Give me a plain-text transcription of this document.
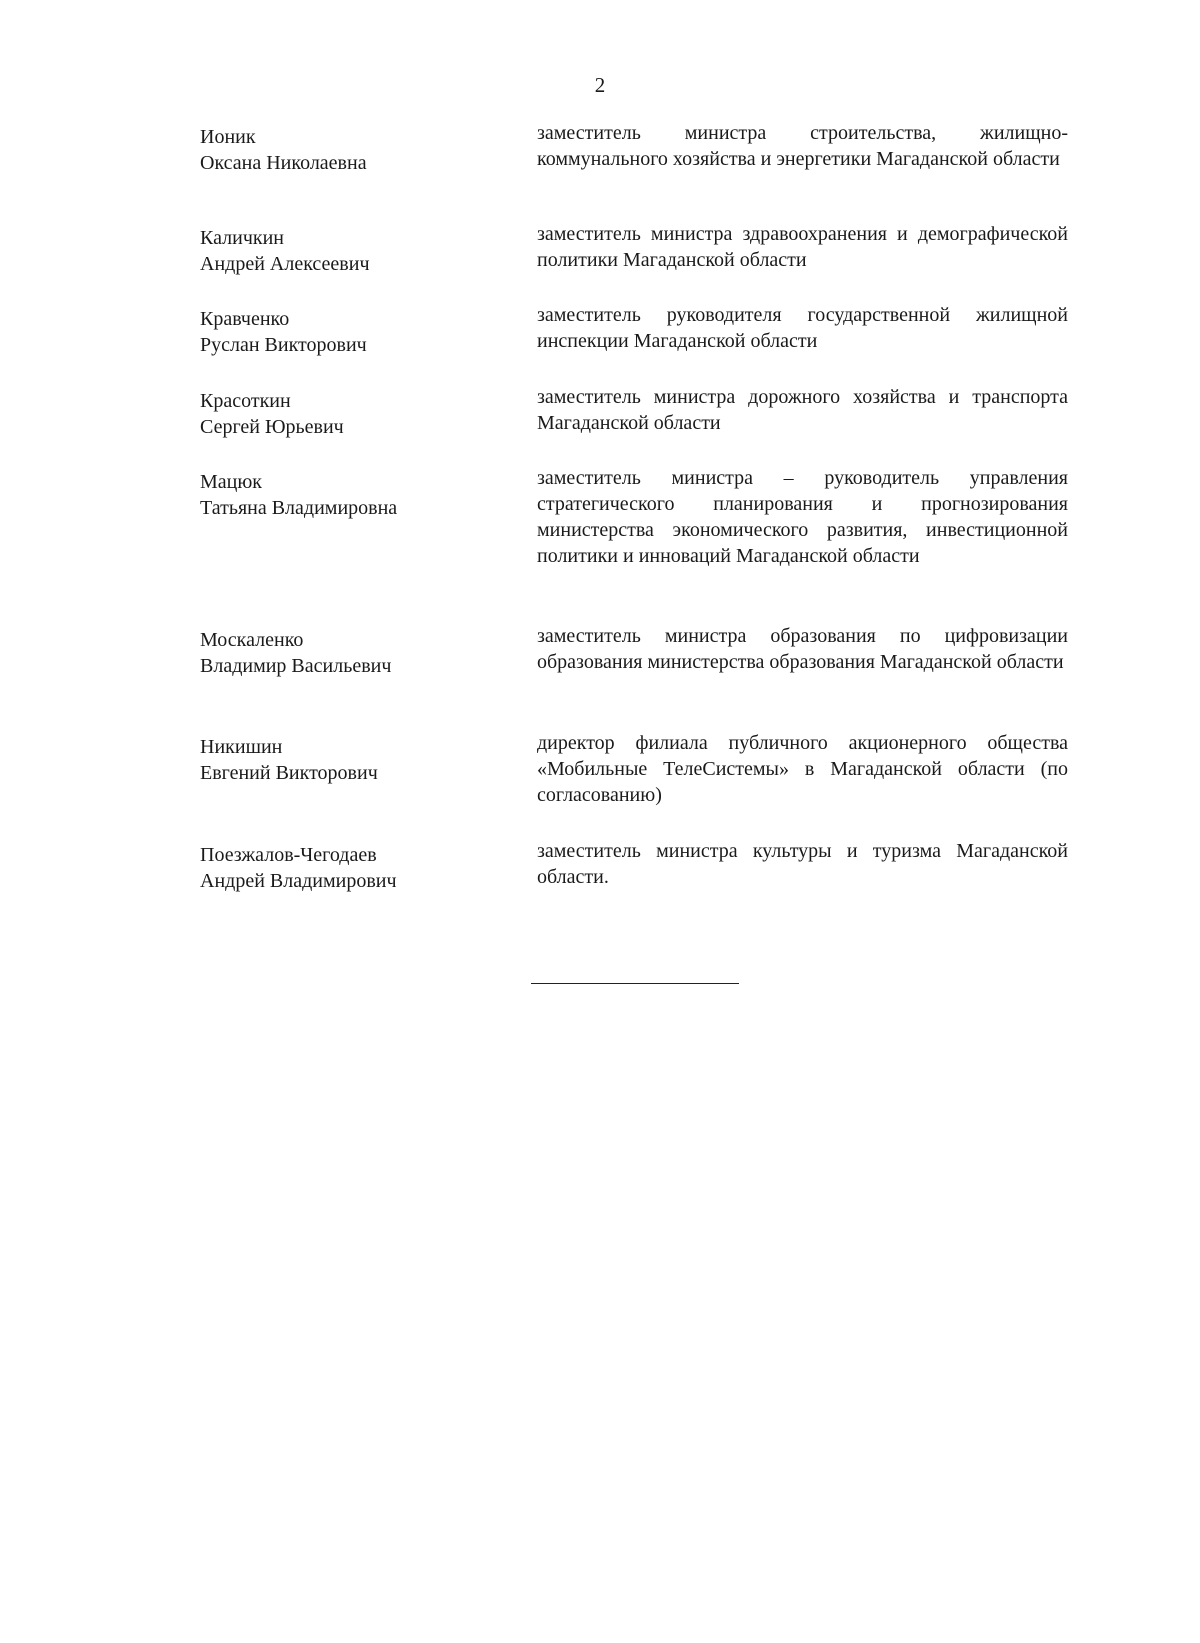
2
Ионик
Оксана Николаевна
заместитель министра строительства, жилищно-коммунального хозяйства и энергетики Магаданской области
Каличкин
Андрей Алексеевич
заместитель министра здравоохранения и демографической политики Магаданской области
Кравченко
Руслан Викторович
заместитель руководителя государственной жилищной инспекции Магаданской области
Красоткин
Сергей Юрьевич
заместитель министра дорожного хозяйства и транспорта Магаданской области
Мацюк
Татьяна Владимировна
заместитель министра – руководитель управления стратегического планирования и прогнозирования министерства экономического развития, инвестиционной политики и инноваций Магаданской области
Москаленко
Владимир Васильевич
заместитель министра образования по цифровизации образования министерства образования Магаданской области
Никишин
Евгений Викторович
директор филиала публичного акционерного общества «Мобильные ТелеСистемы» в Магаданской области (по согласованию)
Поезжалов-Чегодаев
Андрей Владимирович
заместитель министра культуры и туризма Магаданской области.
